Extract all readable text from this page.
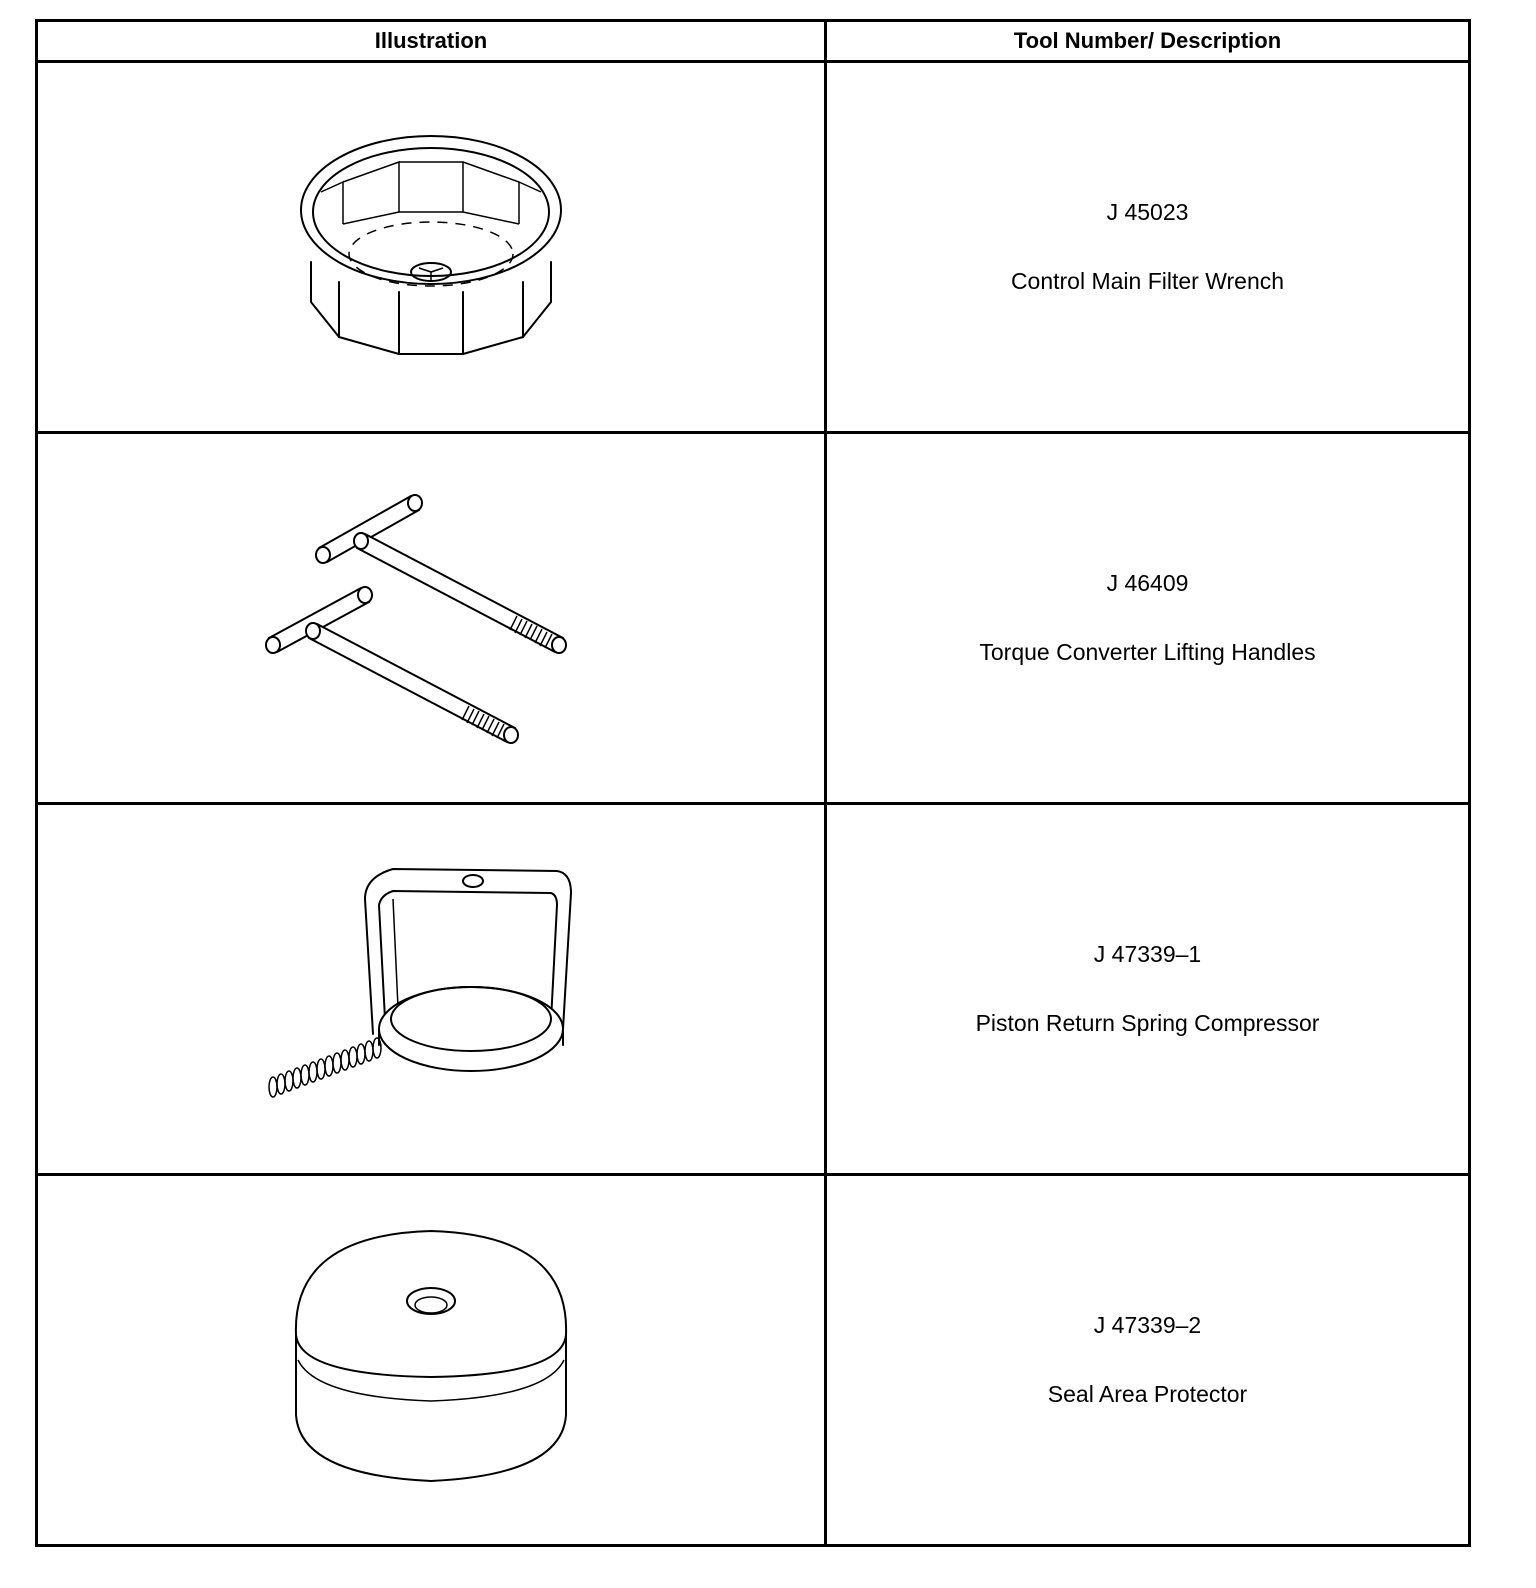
Illustration	Tool Number/ Description

J 45023
Control Main Filter Wrench

J 46409
Torque Converter Lifting Handles

J 47339–1
Piston Return Spring Compressor

J 47339–2
Seal Area Protector
